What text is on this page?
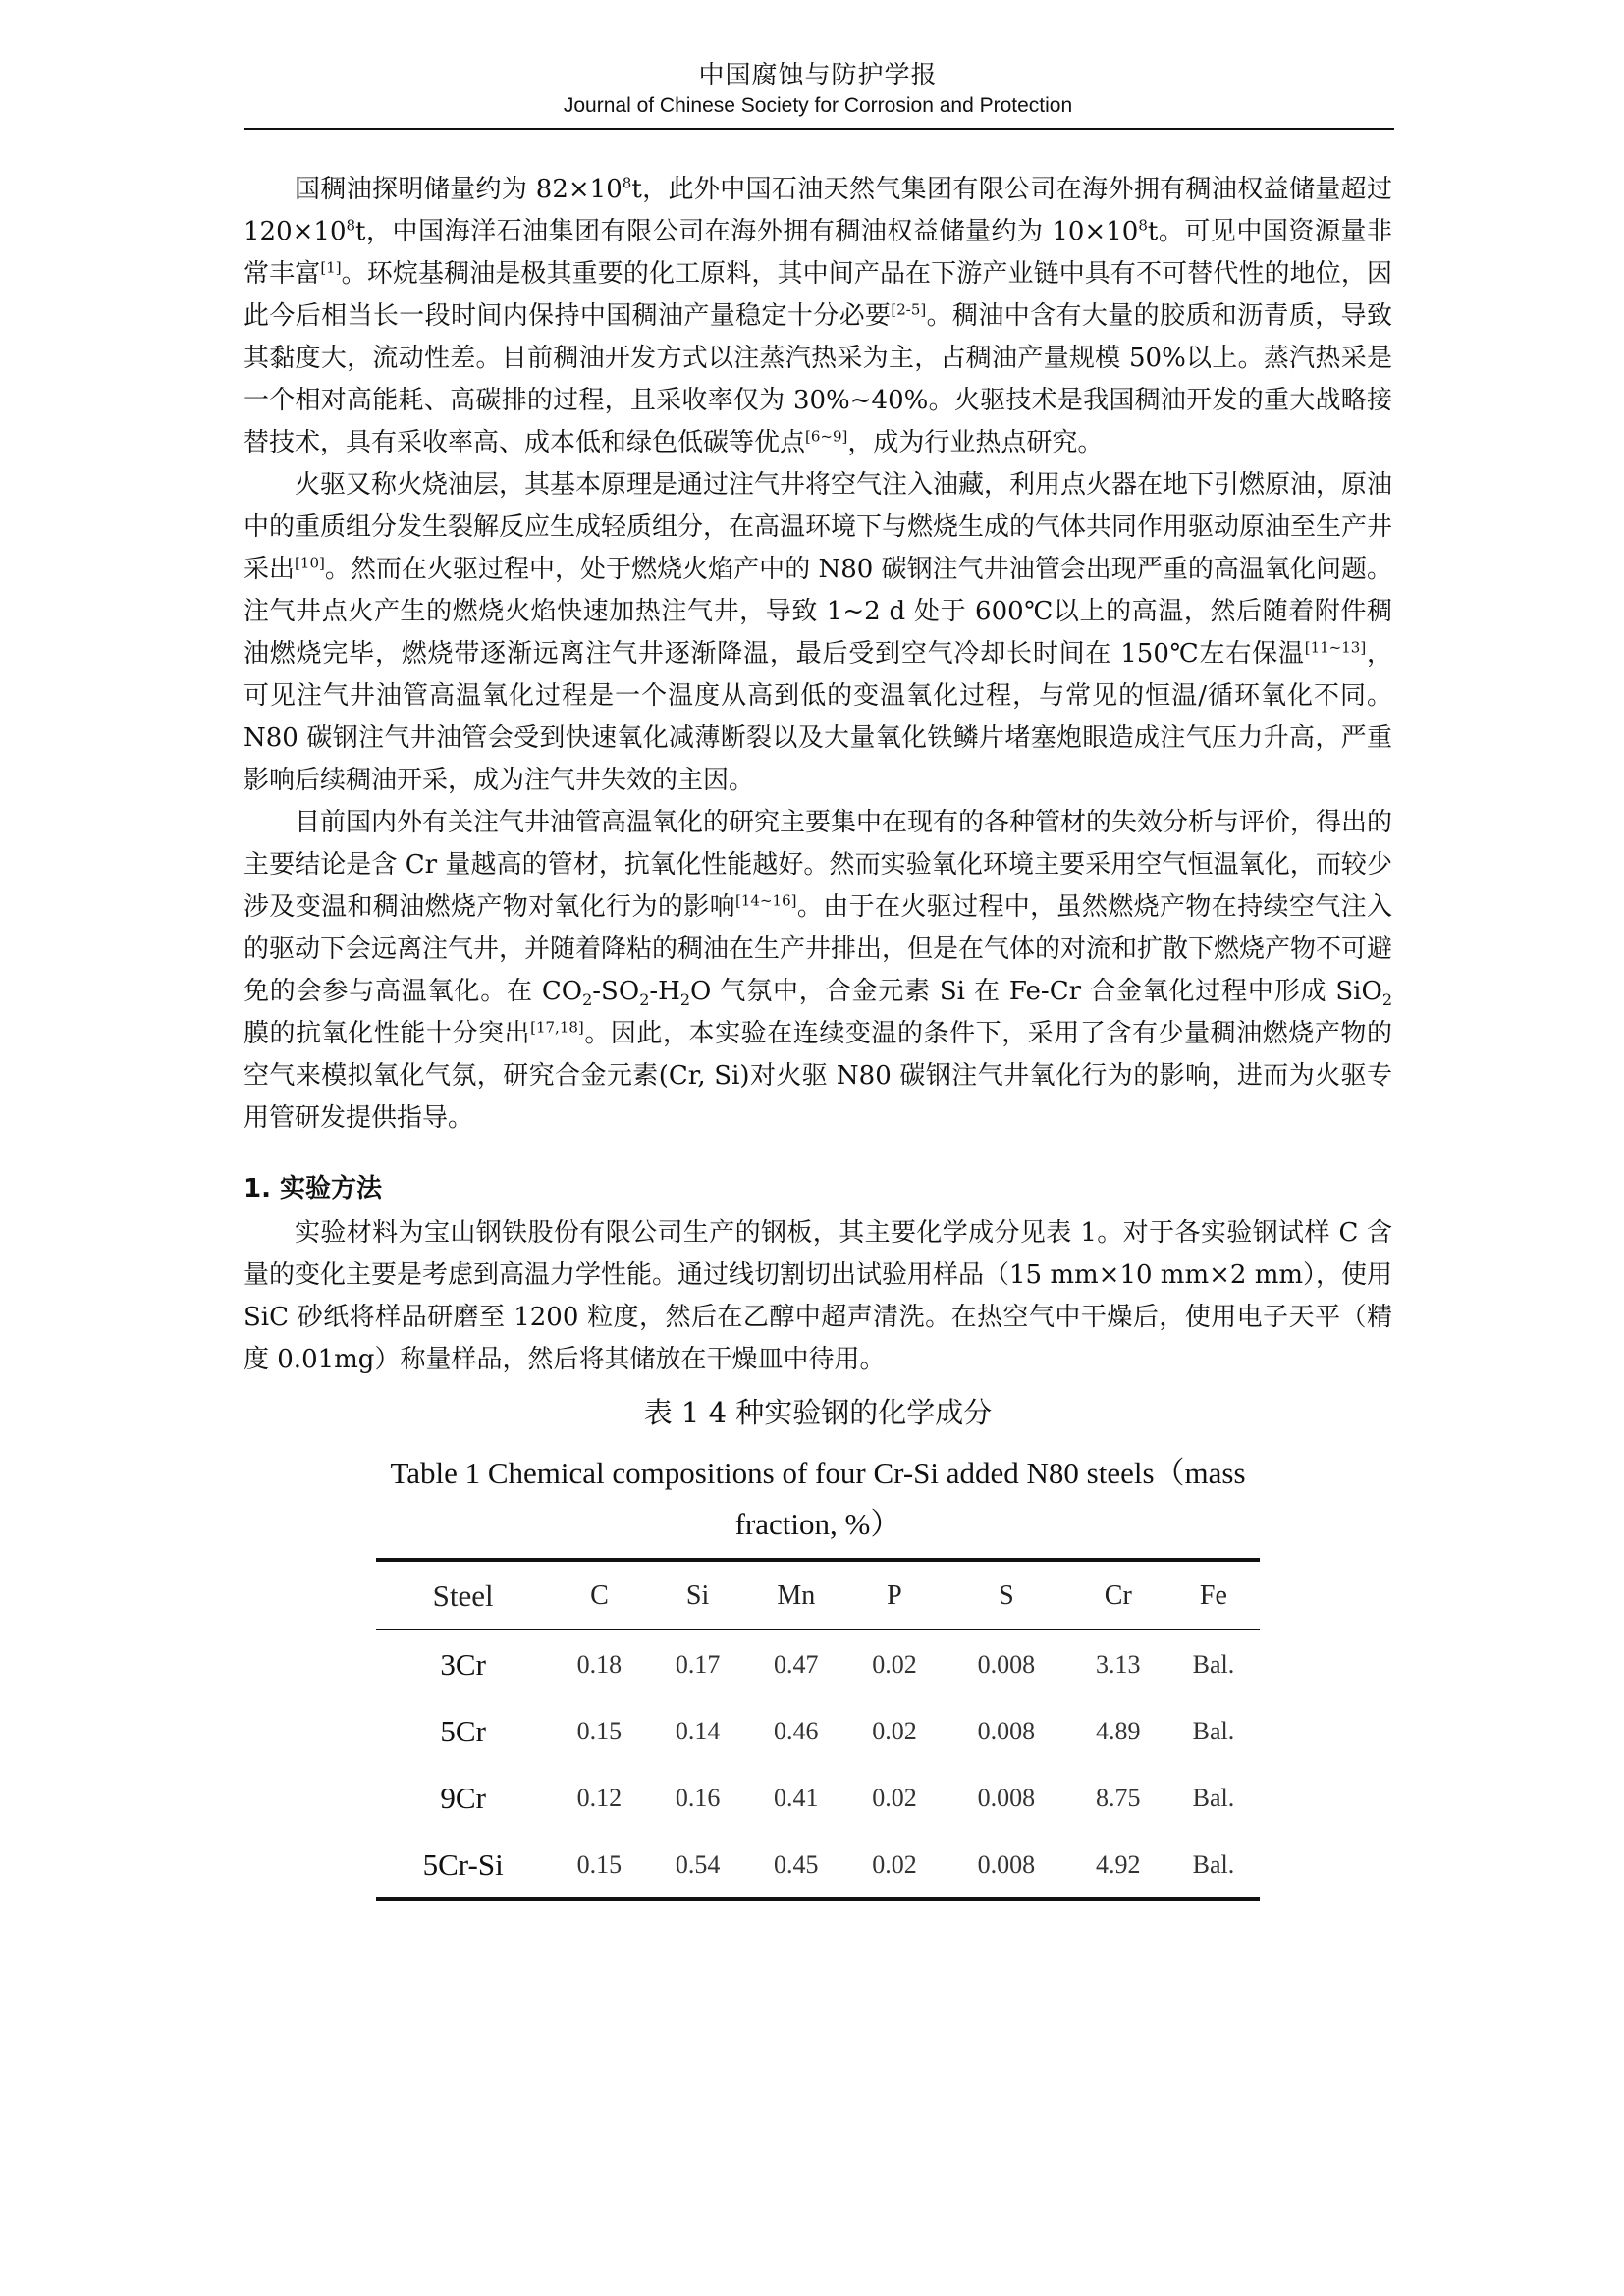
中国腐蚀与防护学报
Journal of Chinese Society for Corrosion and Protection

国稠油探明储量约为 82×10$^8$t，此外中国石油天然气集团有限公司在海外拥有稠油权益储量超过 120×10$^8$t，中国海洋石油集团有限公司在海外拥有稠油权益储量约为 10×10$^8$t。可见中国资源量非常丰富[1]。环烷基稠油是极其重要的化工原料，其中间产品在下游产业链中具有不可替代性的地位，因此今后相当长一段时间内保持中国稠油产量稳定十分必要[2-5]。稠油中含有大量的胶质和沥青质，导致其黏度大，流动性差。目前稠油开发方式以注蒸汽热采为主，占稠油产量规模 50%以上。蒸汽热采是一个相对高能耗、高碳排的过程，且采收率仅为 30%~40%。火驱技术是我国稠油开发的重大战略接替技术，具有采收率高、成本低和绿色低碳等优点[6~9]，成为行业热点研究。

火驱又称火烧油层，其基本原理是通过注气井将空气注入油藏，利用点火器在地下引燃原油，原油中的重质组分发生裂解反应生成轻质组分，在高温环境下与燃烧生成的气体共同作用驱动原油至生产井采出[10]。然而在火驱过程中，处于燃烧火焰产中的 N80 碳钢注气井油管会出现严重的高温氧化问题。注气井点火产生的燃烧火焰快速加热注气井，导致 1~2 d 处于 600℃以上的高温，然后随着附件稠油燃烧完毕，燃烧带逐渐远离注气井逐渐降温，最后受到空气冷却长时间在 150℃左右保温[11~13]， 可见注气井油管高温氧化过程是一个温度从高到低的变温氧化过程，与常见的恒温/循环氧化不同。N80 碳钢注气井油管会受到快速氧化减薄断裂以及大量氧化铁鳞片堵塞炮眼造成注气压力升高，严重影响后续稠油开采，成为注气井失效的主因。

目前国内外有关注气井油管高温氧化的研究主要集中在现有的各种管材的失效分析与评价，得出的主要结论是含 Cr 量越高的管材，抗氧化性能越好。然而实验氧化环境主要采用空气恒温氧化，而较少涉及变温和稠油燃烧产物对氧化行为的影响[14~16]。由于在火驱过程中，虽然燃烧产物在持续空气注入的驱动下会远离注气井，并随着降粘的稠油在生产井排出，但是在气体的对流和扩散下燃烧产物不可避免的会参与高温氧化。在 $CO_2-SO_2-H_2O$ 气氛中，合金元素 Si 在 Fe-Cr 合金氧化过程中形成 SiO$_2$ 膜的抗氧化性能十分突出[17,18]。因此，本实验在连续变温的条件下，采用了含有少量稠油燃烧产物的空气来模拟氧化气氛，研究合金元素(Cr, Si)对火驱 N80 碳钢注气井氧化行为的影响，进而为火驱专用管研发提供指导。

1. 实验方法

实验材料为宝山钢铁股份有限公司生产的钢板，其主要化学成分见表 1。对于各实验钢试样 C 含量的变化主要是考虑到高温力学性能。通过线切割切出试验用样品（15 mm×10 mm×2 mm），使用 SiC 砂纸将样品研磨至 1200 粒度，然后在乙醇中超声清洗。在热空气中干燥后，使用电子天平（精度 0.01mg）称量样品，然后将其储放在干燥皿中待用。

表 1 4 种实验钢的化学成分
Table 1 Chemical compositions of four Cr-Si added N80 steels（mass fraction, %）
Steel	C	Si	Mn	P	S	Cr	Fe
3Cr	0.18	0.17	0.47	0.02	0.008	3.13	Bal.
5Cr	0.15	0.14	0.46	0.02	0.008	4.89	Bal.
9Cr	0.12	0.16	0.41	0.02	0.008	8.75	Bal.
5Cr-Si	0.15	0.54	0.45	0.02	0.008	4.92	Bal.
